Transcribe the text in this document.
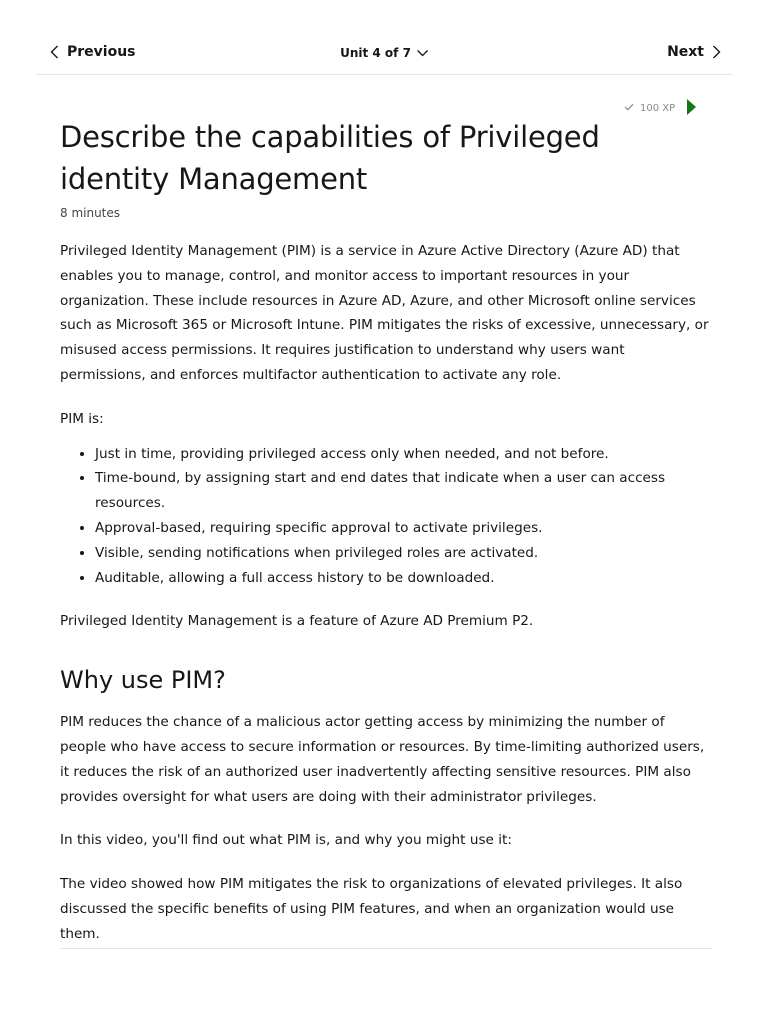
Previous	Unit 4 of 7	Next
100 XP
Describe the capabilities of Privileged identity Management
8 minutes

Privileged Identity Management (PIM) is a service in Azure Active Directory (Azure AD) that enables you to manage, control, and monitor access to important resources in your organization. These include resources in Azure AD, Azure, and other Microsoft online services such as Microsoft 365 or Microsoft Intune. PIM mitigates the risks of excessive, unnecessary, or misused access permissions. It requires justification to understand why users want permissions, and enforces multifactor authentication to activate any role.

PIM is:

• Just in time, providing privileged access only when needed, and not before.
• Time-bound, by assigning start and end dates that indicate when a user can access resources.
• Approval-based, requiring specific approval to activate privileges.
• Visible, sending notifications when privileged roles are activated.
• Auditable, allowing a full access history to be downloaded.

Privileged Identity Management is a feature of Azure AD Premium P2.

Why use PIM?

PIM reduces the chance of a malicious actor getting access by minimizing the number of people who have access to secure information or resources. By time-limiting authorized users, it reduces the risk of an authorized user inadvertently affecting sensitive resources. PIM also provides oversight for what users are doing with their administrator privileges.

In this video, you'll find out what PIM is, and why you might use it:

The video showed how PIM mitigates the risk to organizations of elevated privileges. It also discussed the specific benefits of using PIM features, and when an organization would use them.
